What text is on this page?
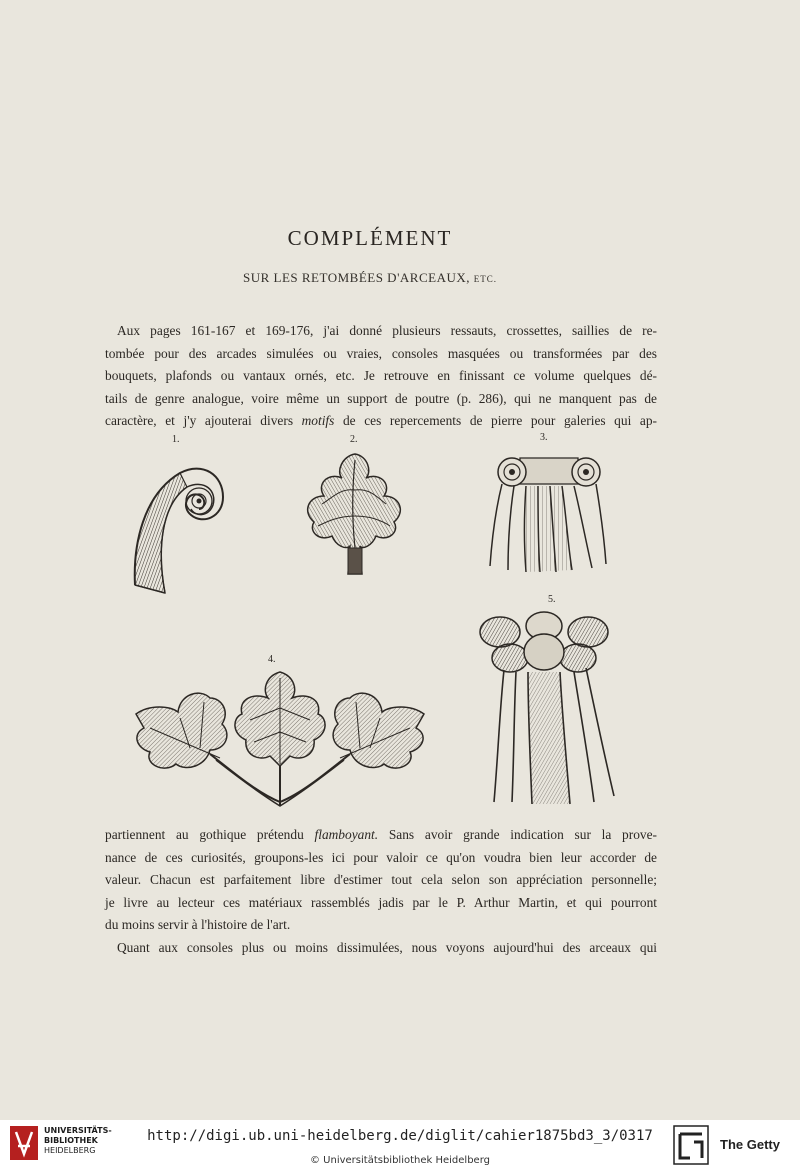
COMPLÉMENT
SUR LES RETOMBÉES D'ARCEAUX, ETC.

Aux pages 161-167 et 169-176, j'ai donné plusieurs ressauts, crossettes, saillies de re-
tombée pour des arcades simulées ou vraies, consoles masquées ou transformées par des
bouquets, plafonds ou vantaux ornés, etc. Je retrouve en finissant ce volume quelques dé-
tails de genre analogue, voire même un support de poutre (p. 286), qui ne manquent pas de
caractère, et j'y ajouterai divers motifs de ces repercements de pierre pour galeries qui ap-

1.	2.	3.
4.
5.

partiennent au gothique prétendu flamboyant. Sans avoir grande indication sur la prove-
nance de ces curiosités, groupons-les ici pour valoir ce qu'on voudra bien leur accorder de
valeur. Chacun est parfaitement libre d'estimer tout cela selon son appréciation personnelle;
je livre au lecteur ces matériaux rassemblés jadis par le P. Arthur Martin, et qui pourront
du moins servir à l'histoire de l'art.
Quant aux consoles plus ou moins dissimulées, nous voyons aujourd'hui des arceaux qui

UNIVERSITÄTS-
BIBLIOTHEK
HEIDELBERG
http://digi.ub.uni-heidelberg.de/diglit/cahier1875bd3_3/0317
© Universitätsbibliothek Heidelberg
The Getty
